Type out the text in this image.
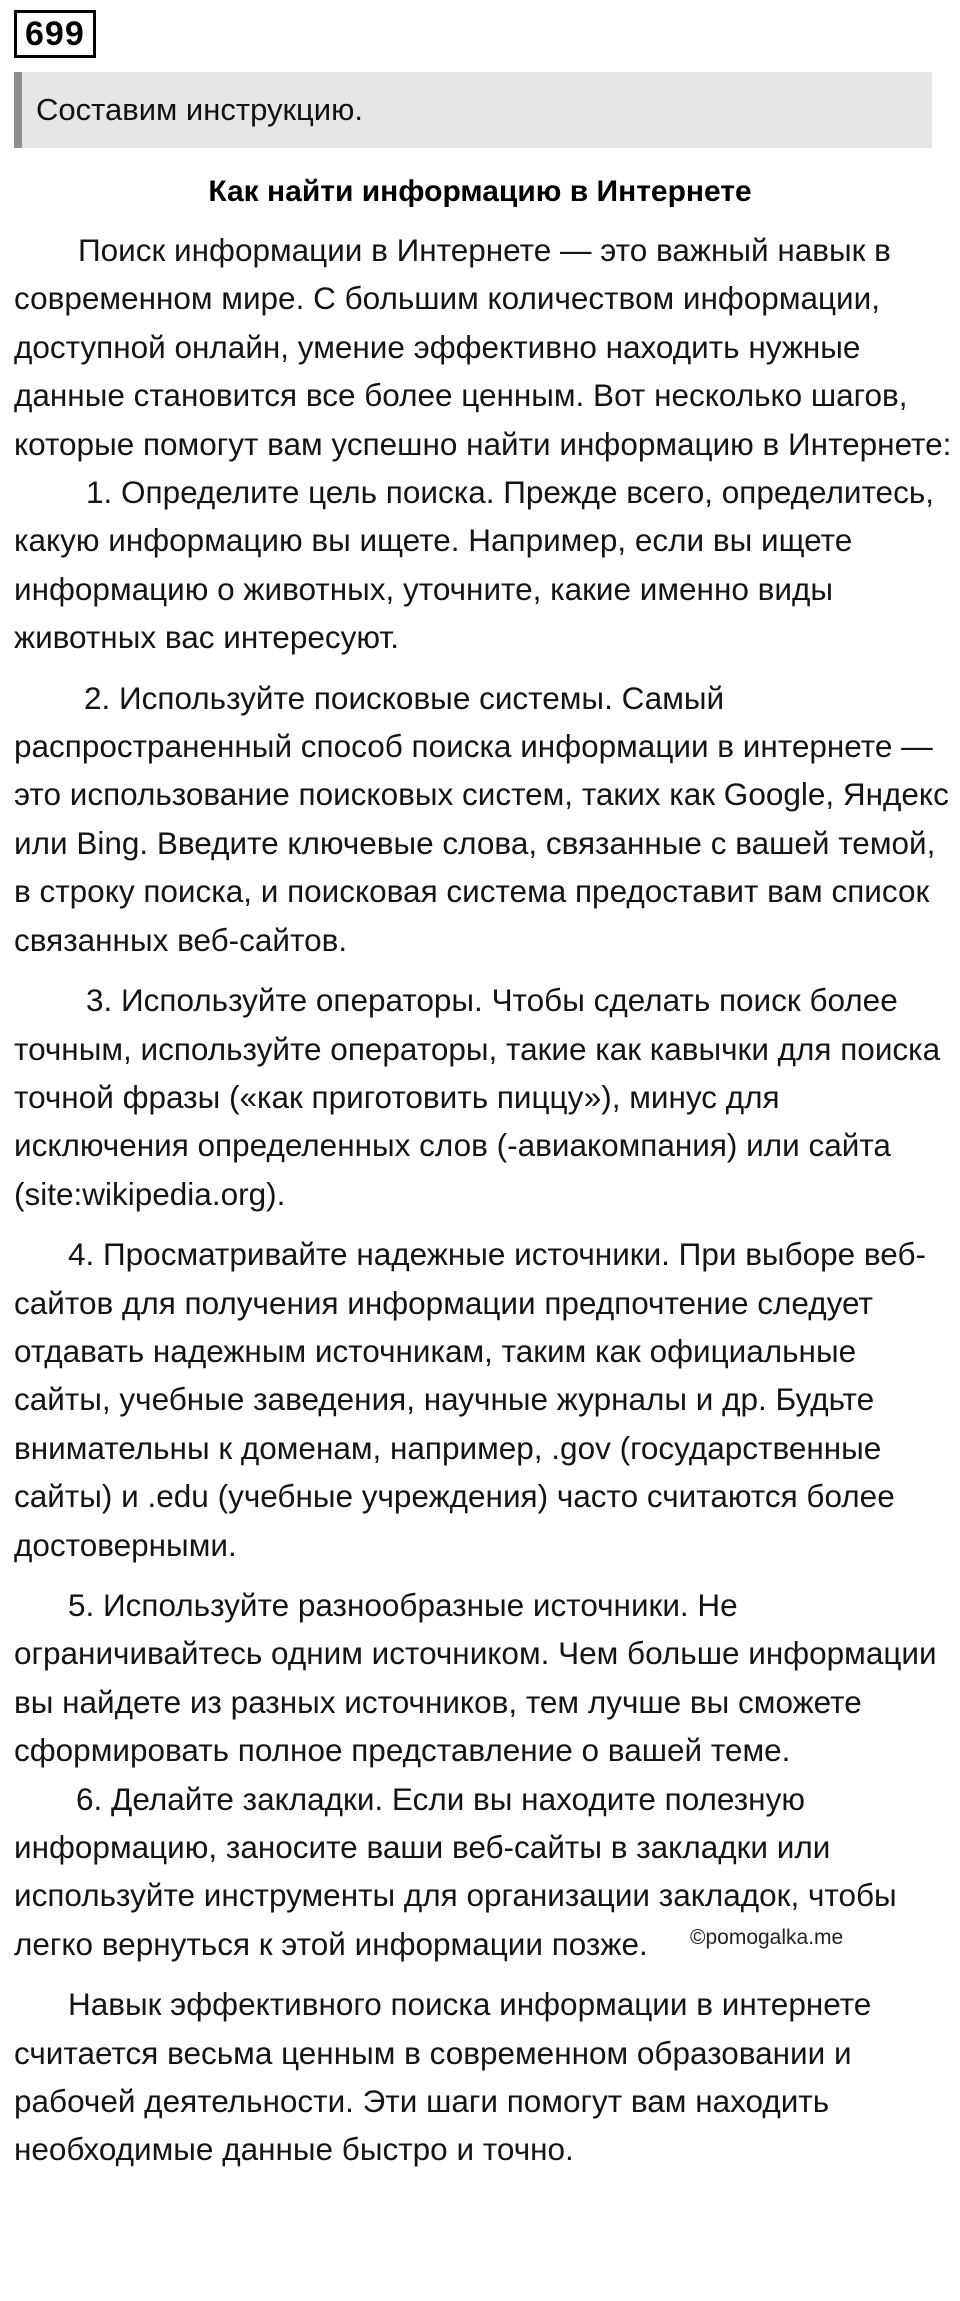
699
Составим инструкцию.
Как найти информацию в Интернете

Поиск информации в Интернете — это важный навык в современном мире. С большим количеством информации, доступной онлайн, умение эффективно находить нужные данные становится все более ценным. Вот несколько шагов, которые помогут вам успешно найти информацию в Интернете:

1. Определите цель поиска. Прежде всего, определитесь, какую информацию вы ищете. Например, если вы ищете информацию о животных, уточните, какие именно виды животных вас интересуют.

2. Используйте поисковые системы. Самый распространенный способ поиска информации в интернете — это использование поисковых систем, таких как Google, Яндекс или Bing. Введите ключевые слова, связанные с вашей темой, в строку поиска, и поисковая система предоставит вам список связанных веб-сайтов.

3. Используйте операторы. Чтобы сделать поиск более точным, используйте операторы, такие как кавычки для поиска точной фразы («как приготовить пиццу»), минус для исключения определенных слов (-авиакомпания) или сайта (site:wikipedia.org).

4. Просматривайте надежные источники. При выборе веб-сайтов для получения информации предпочтение следует отдавать надежным источникам, таким как официальные сайты, учебные заведения, научные журналы и др. Будьте внимательны к доменам, например, .gov (государственные сайты) и .edu (учебные учреждения) часто считаются более достоверными.

5. Используйте разнообразные источники. Не ограничивайтесь одним источником. Чем больше информации вы найдете из разных источников, тем лучше вы сможете сформировать полное представление о вашей теме.

6. Делайте закладки. Если вы находите полезную информацию, заносите ваши веб-сайты в закладки или используйте инструменты для организации закладок, чтобы легко вернуться к этой информации позже.

Навык эффективного поиска информации в интернете считается весьма ценным в современном образовании и рабочей деятельности. Эти шаги помогут вам находить необходимые данные быстро и точно.

©pomogalka.me
